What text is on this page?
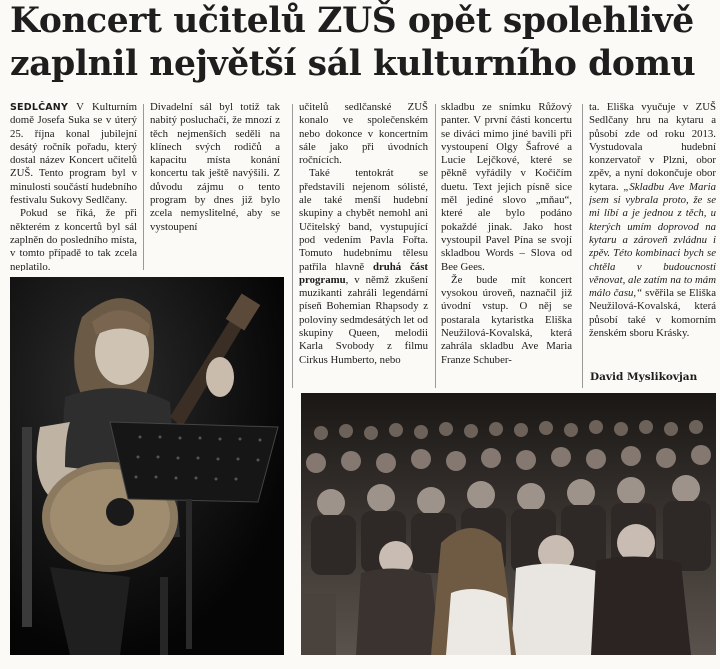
Koncert učitelů ZUŠ opět spolehlivě
zaplnil největší sál kulturního domu

SEDLČANY V Kulturním domě Josefa Suka se v úterý 25. října konal jubilejní desátý ročník pořadu, který dostal název Koncert učitelů ZUŠ. Tento program byl v minulosti součástí hudebního festivalu Sukovy Sedlčany.

Pokud se říká, že při některém z koncertů byl sál zaplněn do posledního místa, v tomto případě to tak zcela neplatilo.

Divadelní sál byl totiž tak nabitý posluchači, že mnozí z těch nejmenších seděli na klínech svých rodičů a kapacitu místa konání koncertu tak ještě navýšili. Z důvodu zájmu o tento program by dnes již bylo zcela nemyslitelné, aby se vystoupení

učitelů sedlčanské ZUŠ konalo ve společenském nebo dokonce v koncertním sále jako při úvodních ročnících.

Také tentokrát se představili nejenom sólisté, ale také menší hudební skupiny a chybět nemohl ani Učitelský band, vystupující pod vedením Pavla Fořta. Tomuto hudebnímu tělesu patřila hlavně druhá část programu, v němž zkušení muzikanti zahráli legendární píseň Bohemian Rhapsody z poloviny sedmdesátých let od skupiny Queen, melodii Karla Svobody z filmu Cirkus Humberto, nebo

skladbu ze snímku Růžový panter. V první části koncertu se diváci mimo jiné bavili při vystoupení Olgy Šafrové a Lucie Lejčkové, které se pěkně vyřádily v Kočičím duetu. Text jejich písně sice měl jediné slovo „mňau“, které ale bylo podáno pokaždé jinak. Jako host vystoupil Pavel Pína se svojí skladbou Words – Slova od Bee Gees.

Že bude mít koncert vysokou úroveň, naznačil již úvodní vstup. O něj se postarala kytaristka Eliška Neužilová-Kovalská, která zahrála skladbu Ave Maria Franze Schuber-

ta. Eliška vyučuje v ZUŠ Sedlčany hru na kytaru a působí zde od roku 2013. Vystudovala hudební konzervatoř v Plzni, obor zpěv, a nyní dokončuje obor kytara. „Skladbu Ave Maria jsem si vybrala proto, že se mi líbí a je jednou z těch, u kterých umím doprovod na kytaru a zároveň zvládnu i zpěv. Této kombinaci bych se chtěla v budoucnosti věnovat, ale zatím na to mám málo času,“ svěřila se Eliška Neužilová-Kovalská, která působí také v komorním ženském sboru Krásky.

David Myslikovjan
